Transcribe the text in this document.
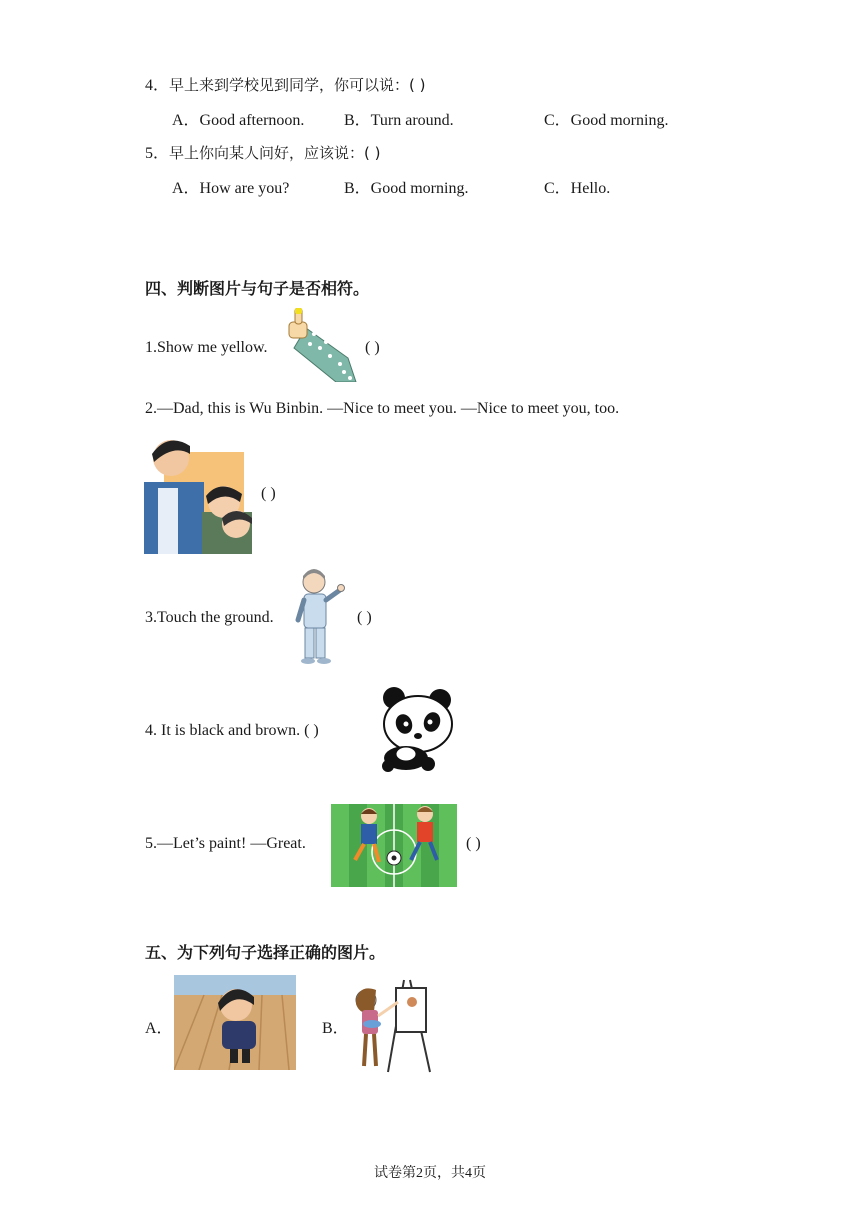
4．早上来到学校见到同学，你可以说：( )
A．Good afternoon. B．Turn around.	C．Good morning.
5．早上你向某人问好，应该说：( )
A．How are you?	B．Good morning.	C．Hello.
四、判断图片与句子是否相符。
1.Show me yellow.	( )
2.—Dad, this is Wu Binbin. —Nice to meet you. —Nice to meet you, too.
( )
3.Touch the ground.	( )
4. It is black and brown. ( )
5.—Let’s paint! —Great.	( )
五、为下列句子选择正确的图片。
A．	B．
试卷第2页，共4页
